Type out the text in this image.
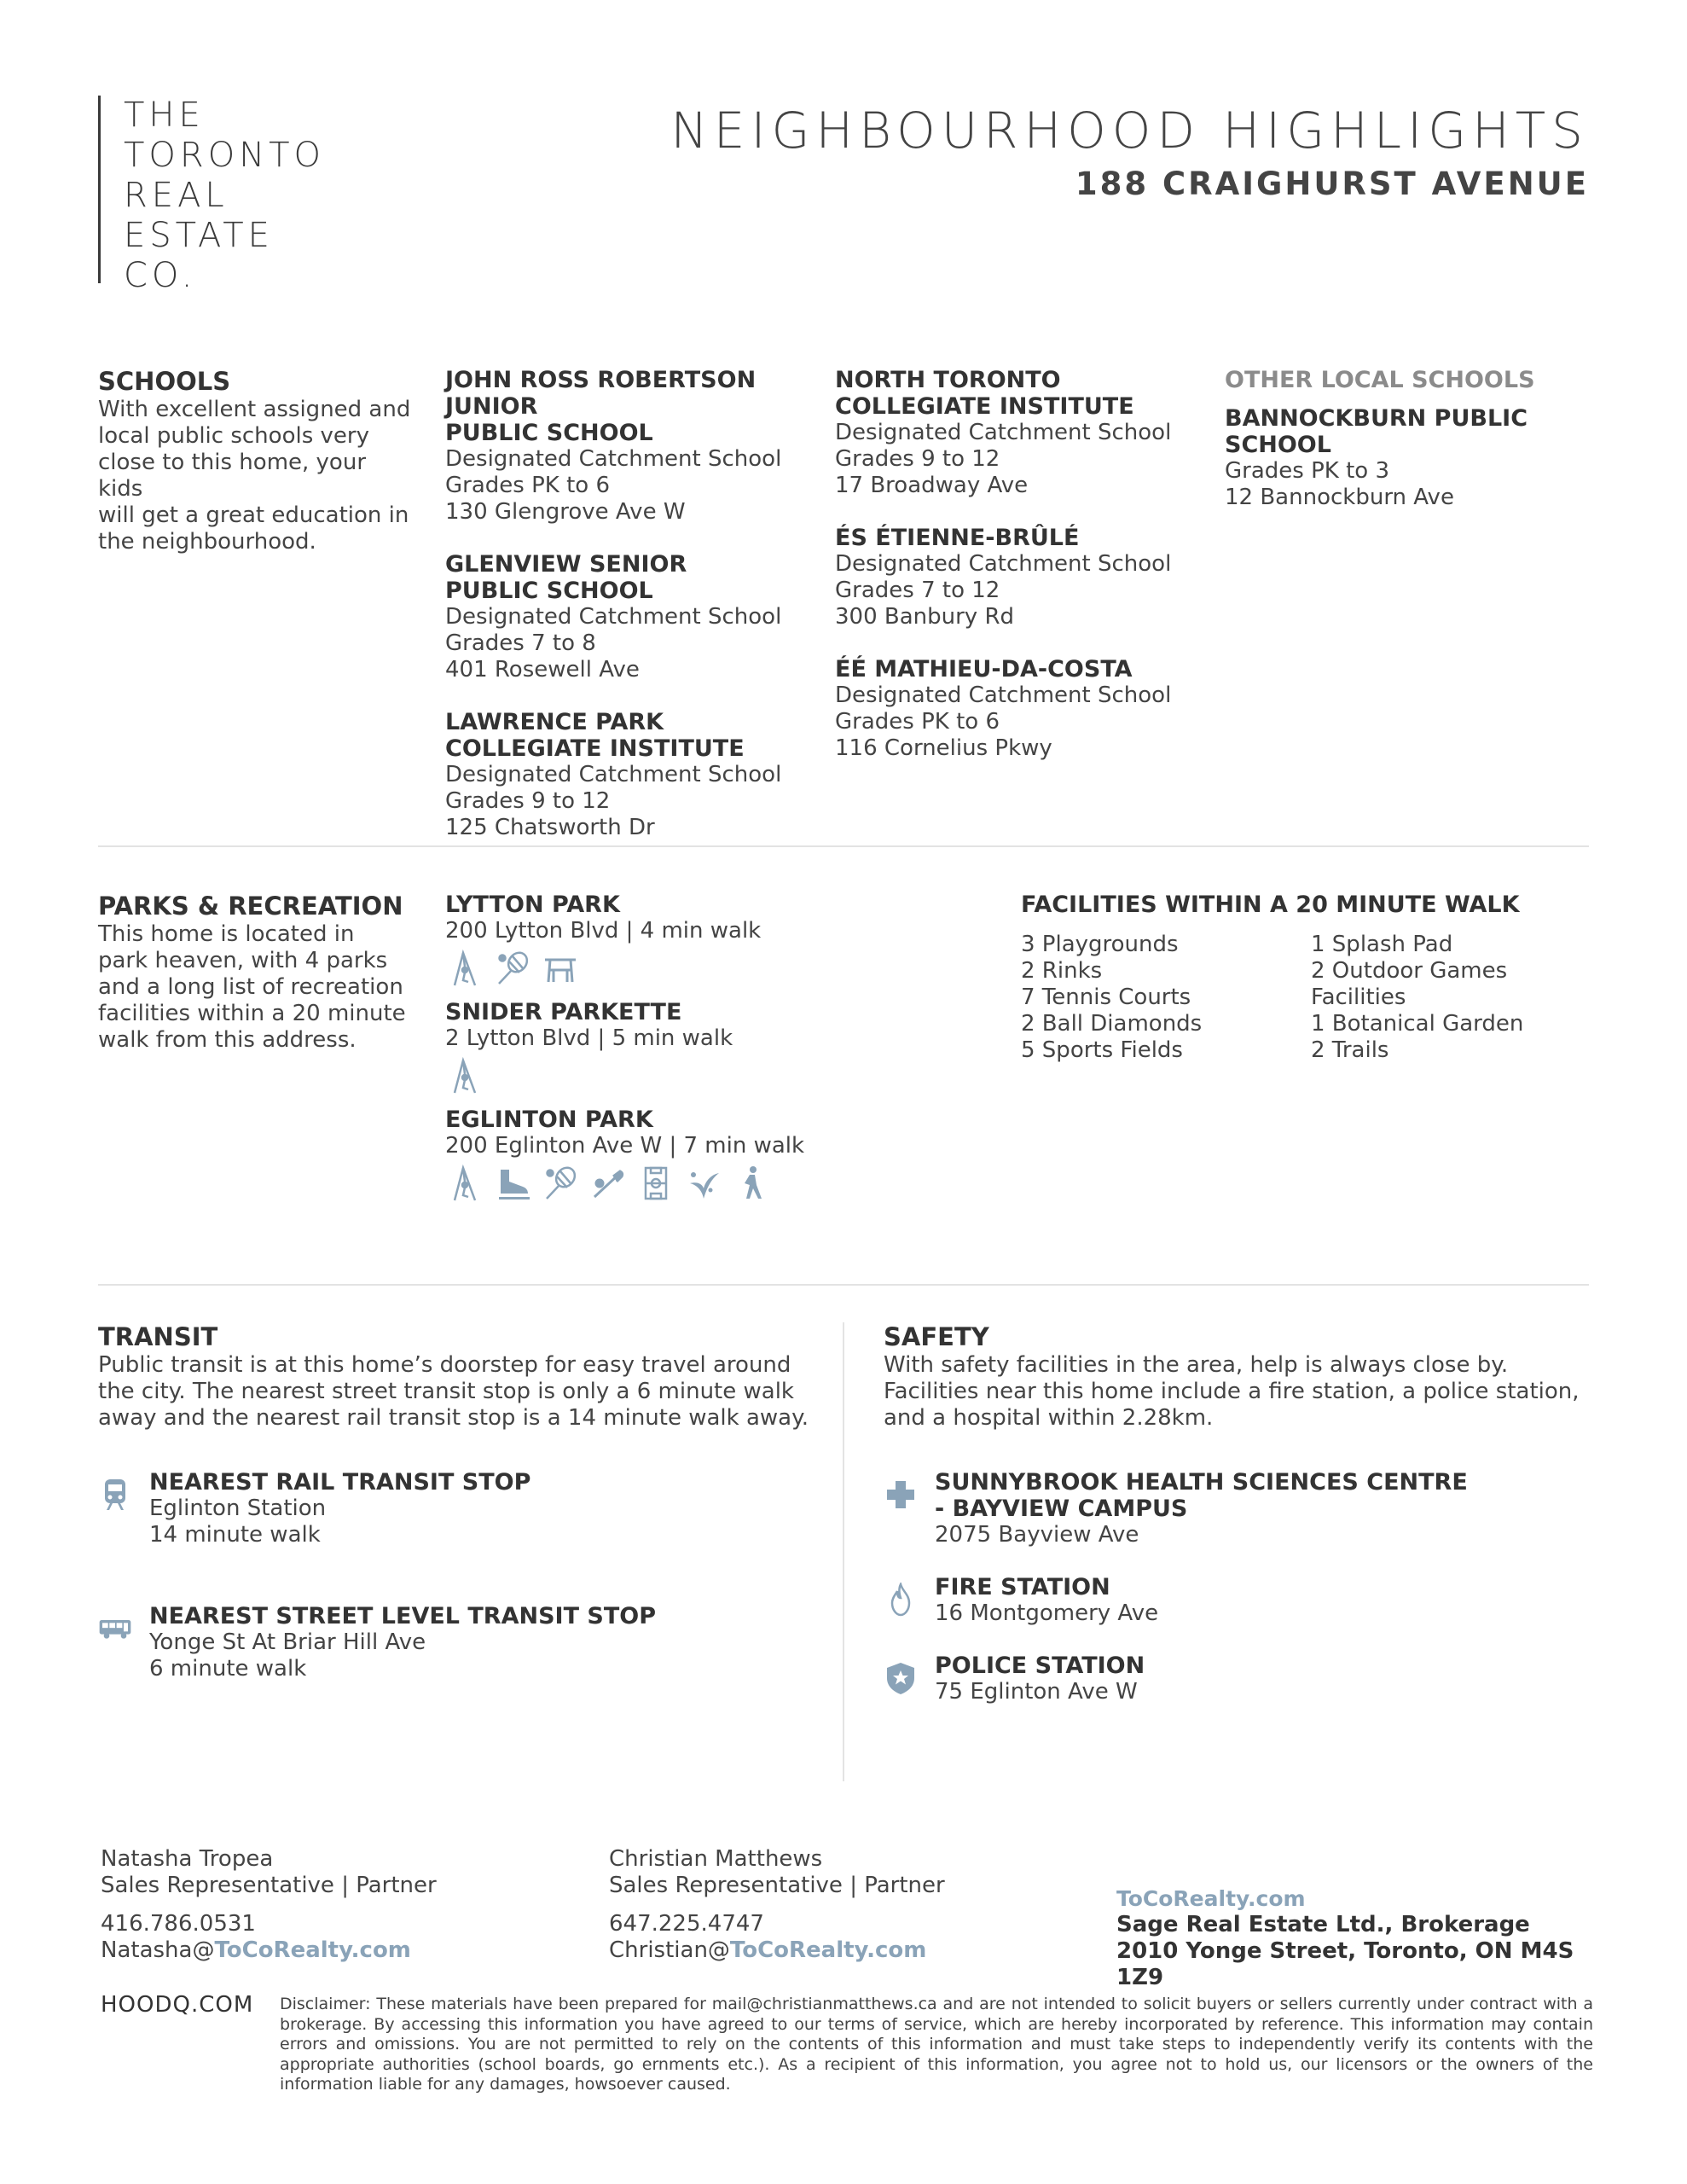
THE
TORONTO
REAL
ESTATE
CO.
NEIGHBOURHOOD HIGHLIGHTS
188 CRAIGHURST AVENUE
SCHOOLS
With excellent assigned and
local public schools very
close to this home, your kids
will get a great education in
the neighbourhood.
JOHN ROSS ROBERTSON JUNIOR
PUBLIC SCHOOL
Designated Catchment School
Grades PK to 6
130 Glengrove Ave W
GLENVIEW SENIOR
PUBLIC SCHOOL
Designated Catchment School
Grades 7 to 8
401 Rosewell Ave
LAWRENCE PARK
COLLEGIATE INSTITUTE
Designated Catchment School
Grades 9 to 12
125 Chatsworth Dr
NORTH TORONTO
COLLEGIATE INSTITUTE
Designated Catchment School
Grades 9 to 12
17 Broadway Ave
ÉS ÉTIENNE-BRÛLÉ
Designated Catchment School
Grades 7 to 12
300 Banbury Rd
ÉÉ MATHIEU-DA-COSTA
Designated Catchment School
Grades PK to 6
116 Cornelius Pkwy
OTHER LOCAL SCHOOLS
BANNOCKBURN PUBLIC SCHOOL
Grades PK to 3
12 Bannockburn Ave
PARKS & RECREATION
This home is located in
park heaven, with 4 parks
and a long list of recreation
facilities within a 20 minute
walk from this address.
LYTTON PARK
200 Lytton Blvd | 4 min walk
SNIDER PARKETTE
2 Lytton Blvd | 5 min walk
EGLINTON PARK
200 Eglinton Ave W | 7 min walk
FACILITIES WITHIN A 20 MINUTE WALK
3 Playgrounds
2 Rinks
7 Tennis Courts
2 Ball Diamonds
5 Sports Fields
1 Splash Pad
2 Outdoor Games
Facilities
1 Botanical Garden
2 Trails
TRANSIT
Public transit is at this home’s doorstep for easy travel around
the city. The nearest street transit stop is only a 6 minute walk
away and the nearest rail transit stop is a 14 minute walk away.
NEAREST RAIL TRANSIT STOP
Eglinton Station
14 minute walk
NEAREST STREET LEVEL TRANSIT STOP
Yonge St At Briar Hill Ave
6 minute walk
SAFETY
With safety facilities in the area, help is always close by.
Facilities near this home include a fire station, a police station,
and a hospital within 2.28km.
SUNNYBROOK HEALTH SCIENCES CENTRE
- BAYVIEW CAMPUS
2075 Bayview Ave
FIRE STATION
16 Montgomery Ave
POLICE STATION
75 Eglinton Ave W
Natasha Tropea
Sales Representative | Partner
416.786.0531
Natasha@ToCoRealty.com
Christian Matthews
Sales Representative | Partner
647.225.4747
Christian@ToCoRealty.com
ToCoRealty.com
Sage Real Estate Ltd., Brokerage
2010 Yonge Street, Toronto, ON M4S 1Z9
HOODQ.COM Disclaimer: These materials have been prepared for mail@christianmatthews.ca and are not intended to solicit buyers or sellers currently under contract with a brokerage. By accessing this information you have agreed to our terms of service, which are hereby incorporated by reference. This information may contain errors and omissions. You are not permitted to rely on the contents of this information and must take steps to independently verify its contents with the appropriate authorities (school boards, go ernments etc.). As a recipient of this information, you agree not to hold us, our licensors or the owners of the information liable for any damages, howsoever caused.
